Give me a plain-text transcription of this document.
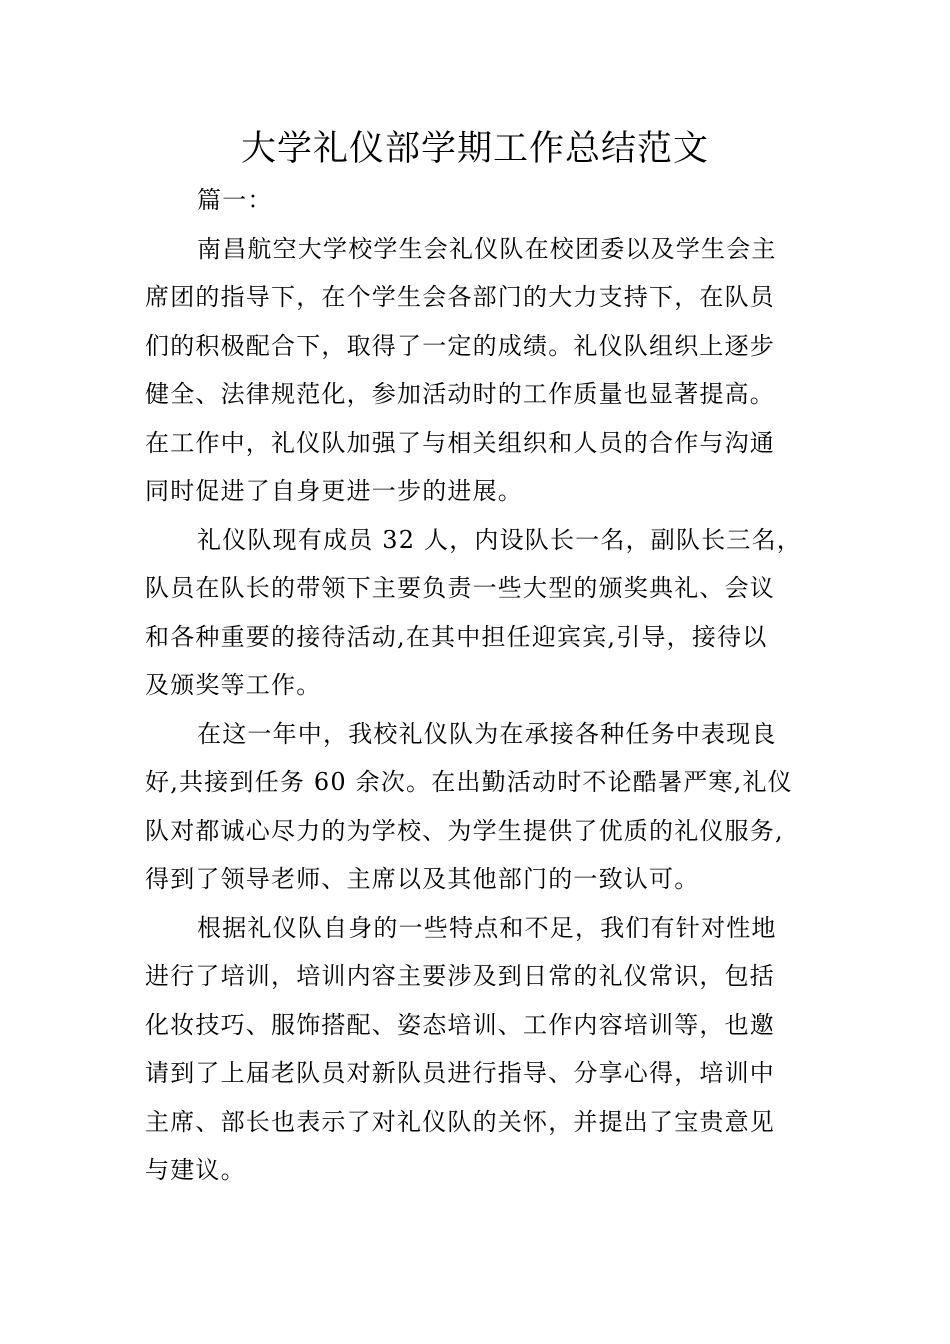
大学礼仪部学期工作总结范文
篇一：
南昌航空大学校学生会礼仪队在校团委以及学生会主
席团的指导下，在个学生会各部门的大力支持下，在队员
们的积极配合下，取得了一定的成绩。礼仪队组织上逐步
健全、法律规范化，参加活动时的工作质量也显著提高。
在工作中，礼仪队加强了与相关组织和人员的合作与沟通
同时促进了自身更进一步的进展。
礼仪队现有成员 32 人，内设队长一名，副队长三名，
队员在队长的带领下主要负责一些大型的颁奖典礼、会议
和各种重要的接待活动,在其中担任迎宾宾,引导，接待以
及颁奖等工作。
在这一年中，我校礼仪队为在承接各种任务中表现良
好,共接到任务 60 余次。在出勤活动时不论酷暑严寒,礼仪
队对都诚心尽力的为学校、为学生提供了优质的礼仪服务,
得到了领导老师、主席以及其他部门的一致认可。
根据礼仪队自身的一些特点和不足，我们有针对性地
进行了培训，培训内容主要涉及到日常的礼仪常识，包括
化妆技巧、服饰搭配、姿态培训、工作内容培训等，也邀
请到了上届老队员对新队员进行指导、分享心得，培训中
主席、部长也表示了对礼仪队的关怀，并提出了宝贵意见
与建议。
